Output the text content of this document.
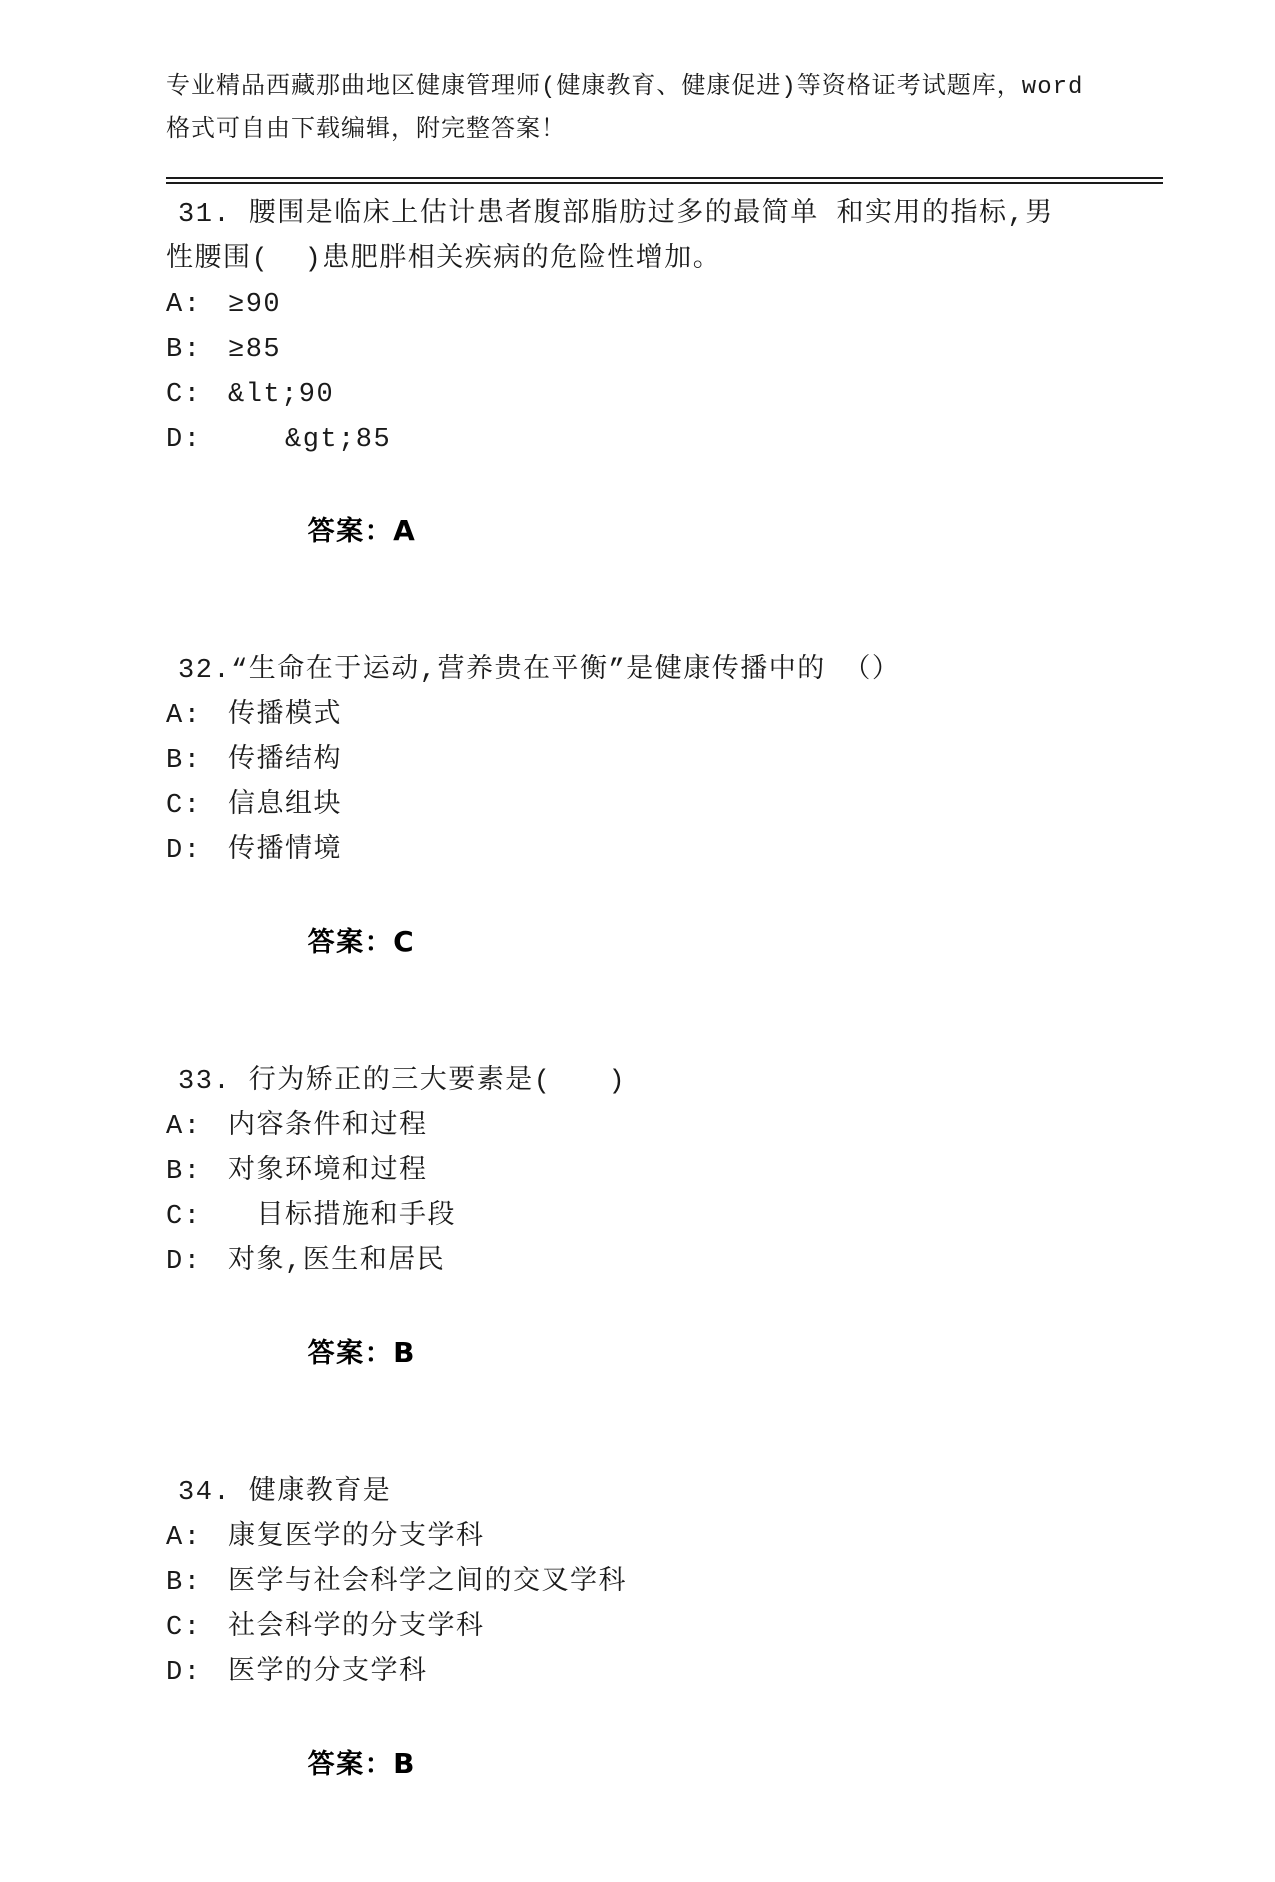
专业精品西藏那曲地区健康管理师(健康教育、健康促进)等资格证考试题库，word
格式可自由下载编辑，附完整答案！
31. 腰围是临床上估计患者腹部脂肪过多的最简单 和实用的指标,男
性腰围(  )患肥胖相关疾病的危险性增加。
A: ≥90
B: ≥85
C: &lt;90
D: 　　&gt;85

答案：A

32.“生命在于运动,营养贵在平衡”是健康传播中的 （）
A: 传播模式
B: 传播结构
C: 信息组块
D: 传播情境

答案：C

33. 行为矫正的三大要素是(　　)
A: 内容条件和过程
B: 对象环境和过程
C: 　目标措施和手段
D: 对象,医生和居民

答案：B

34. 健康教育是
A: 康复医学的分支学科
B: 医学与社会科学之间的交叉学科
C: 社会科学的分支学科
D: 医学的分支学科

答案：B
